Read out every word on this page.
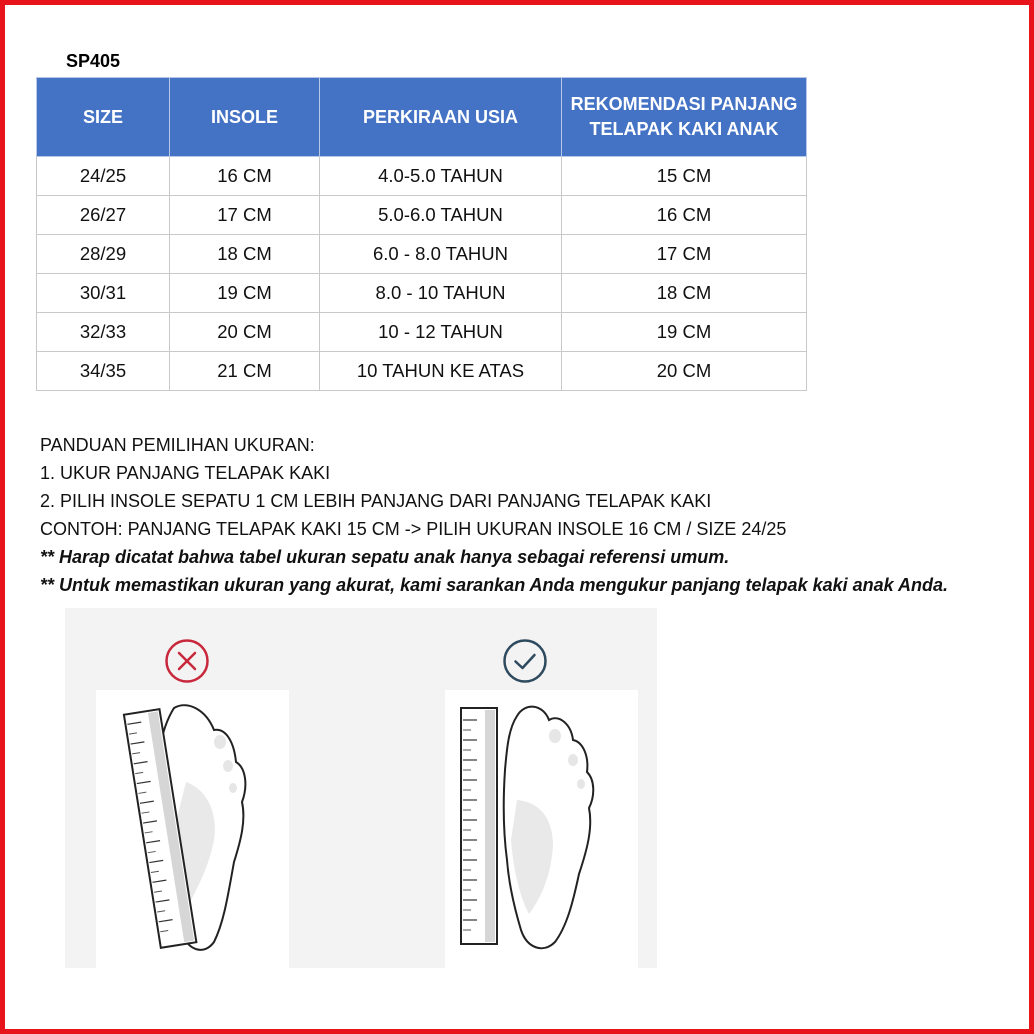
SP405
SIZE	INSOLE	PERKIRAAN USIA	REKOMENDASI PANJANG TELAPAK KAKI ANAK
24/25	16 CM	4.0-5.0 TAHUN	15 CM
26/27	17 CM	5.0-6.0 TAHUN	16 CM
28/29	18 CM	6.0 - 8.0 TAHUN	17 CM
30/31	19 CM	8.0 - 10 TAHUN	18 CM
32/33	20 CM	10 - 12 TAHUN	19 CM
34/35	21 CM	10 TAHUN KE ATAS	20 CM
PANDUAN PEMILIHAN UKURAN:
1. UKUR PANJANG TELAPAK KAKI
2. PILIH INSOLE SEPATU 1 CM LEBIH PANJANG DARI PANJANG TELAPAK KAKI
CONTOH: PANJANG TELAPAK KAKI 15 CM -> PILIH UKURAN INSOLE 16 CM / SIZE 24/25
** Harap dicatat bahwa tabel ukuran sepatu anak hanya sebagai referensi umum.
** Untuk memastikan ukuran yang akurat, kami sarankan Anda mengukur panjang telapak kaki anak Anda.
